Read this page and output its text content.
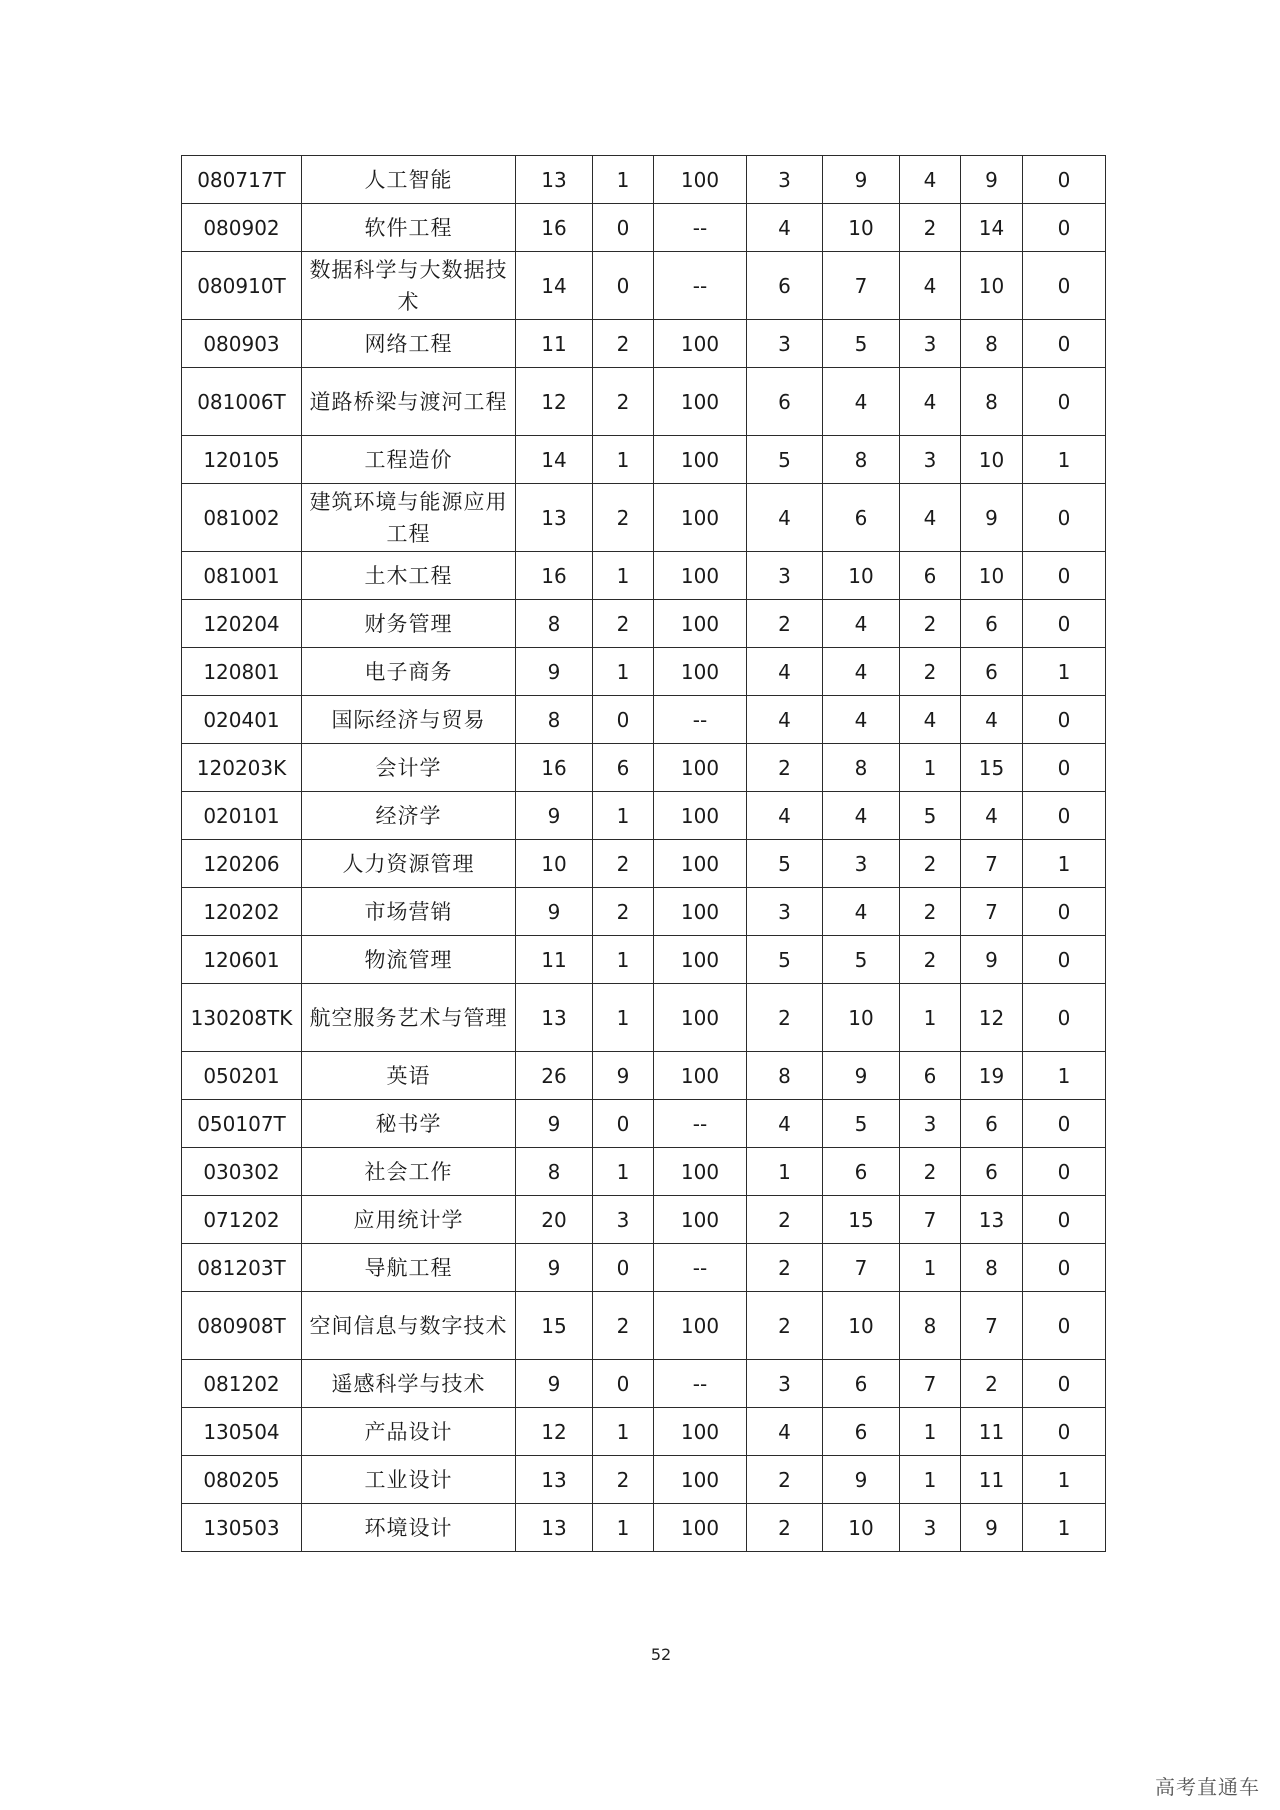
080717T	人工智能	13	1	100	3	9	4	9	0
080902	软件工程	16	0	--	4	10	2	14	0
080910T	数据科学与大数据技术	14	0	--	6	7	4	10	0
080903	网络工程	11	2	100	3	5	3	8	0
081006T	道路桥梁与渡河工程	12	2	100	6	4	4	8	0
120105	工程造价	14	1	100	5	8	3	10	1
081002	建筑环境与能源应用工程	13	2	100	4	6	4	9	0
081001	土木工程	16	1	100	3	10	6	10	0
120204	财务管理	8	2	100	2	4	2	6	0
120801	电子商务	9	1	100	4	4	2	6	1
020401	国际经济与贸易	8	0	--	4	4	4	4	0
120203K	会计学	16	6	100	2	8	1	15	0
020101	经济学	9	1	100	4	4	5	4	0
120206	人力资源管理	10	2	100	5	3	2	7	1
120202	市场营销	9	2	100	3	4	2	7	0
120601	物流管理	11	1	100	5	5	2	9	0
130208TK	航空服务艺术与管理	13	1	100	2	10	1	12	0
050201	英语	26	9	100	8	9	6	19	1
050107T	秘书学	9	0	--	4	5	3	6	0
030302	社会工作	8	1	100	1	6	2	6	0
071202	应用统计学	20	3	100	2	15	7	13	0
081203T	导航工程	9	0	--	2	7	1	8	0
080908T	空间信息与数字技术	15	2	100	2	10	8	7	0
081202	遥感科学与技术	9	0	--	3	6	7	2	0
130504	产品设计	12	1	100	4	6	1	11	0
080205	工业设计	13	2	100	2	9	1	11	1
130503	环境设计	13	1	100	2	10	3	9	1
52
高考直通车
